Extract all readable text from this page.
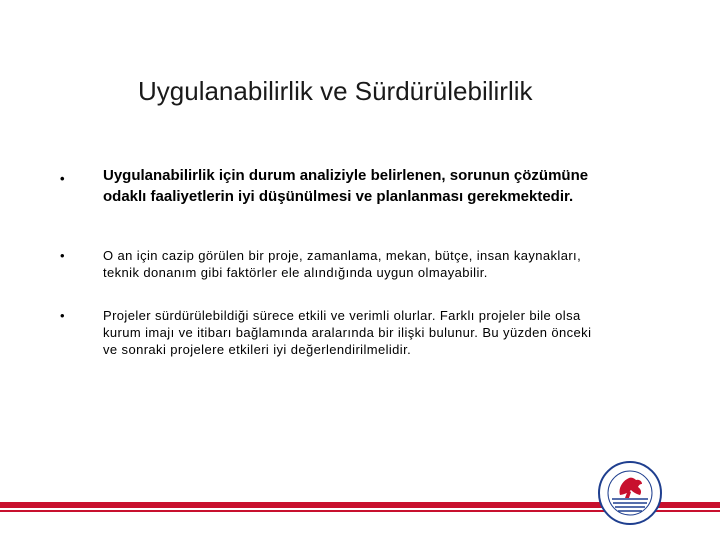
Uygulanabilirlik ve Sürdürülebilirlik
•	Uygulanabilirlik için durum analiziyle belirlenen, sorunun çözümüne
odaklı faaliyetlerin iyi düşünülmesi ve planlanması gerekmektedir.
•	O an için cazip görülen bir proje, zamanlama, mekan, bütçe, insan kaynakları,
teknik donanım gibi faktörler ele alındığında uygun olmayabilir.
•	Projeler sürdürülebildiği sürece etkili ve verimli olurlar. Farklı projeler bile olsa
kurum imajı ve itibarı bağlamında aralarında bir ilişki bulunur. Bu yüzden önceki
ve sonraki projelere etkileri iyi değerlendirilmelidir.
